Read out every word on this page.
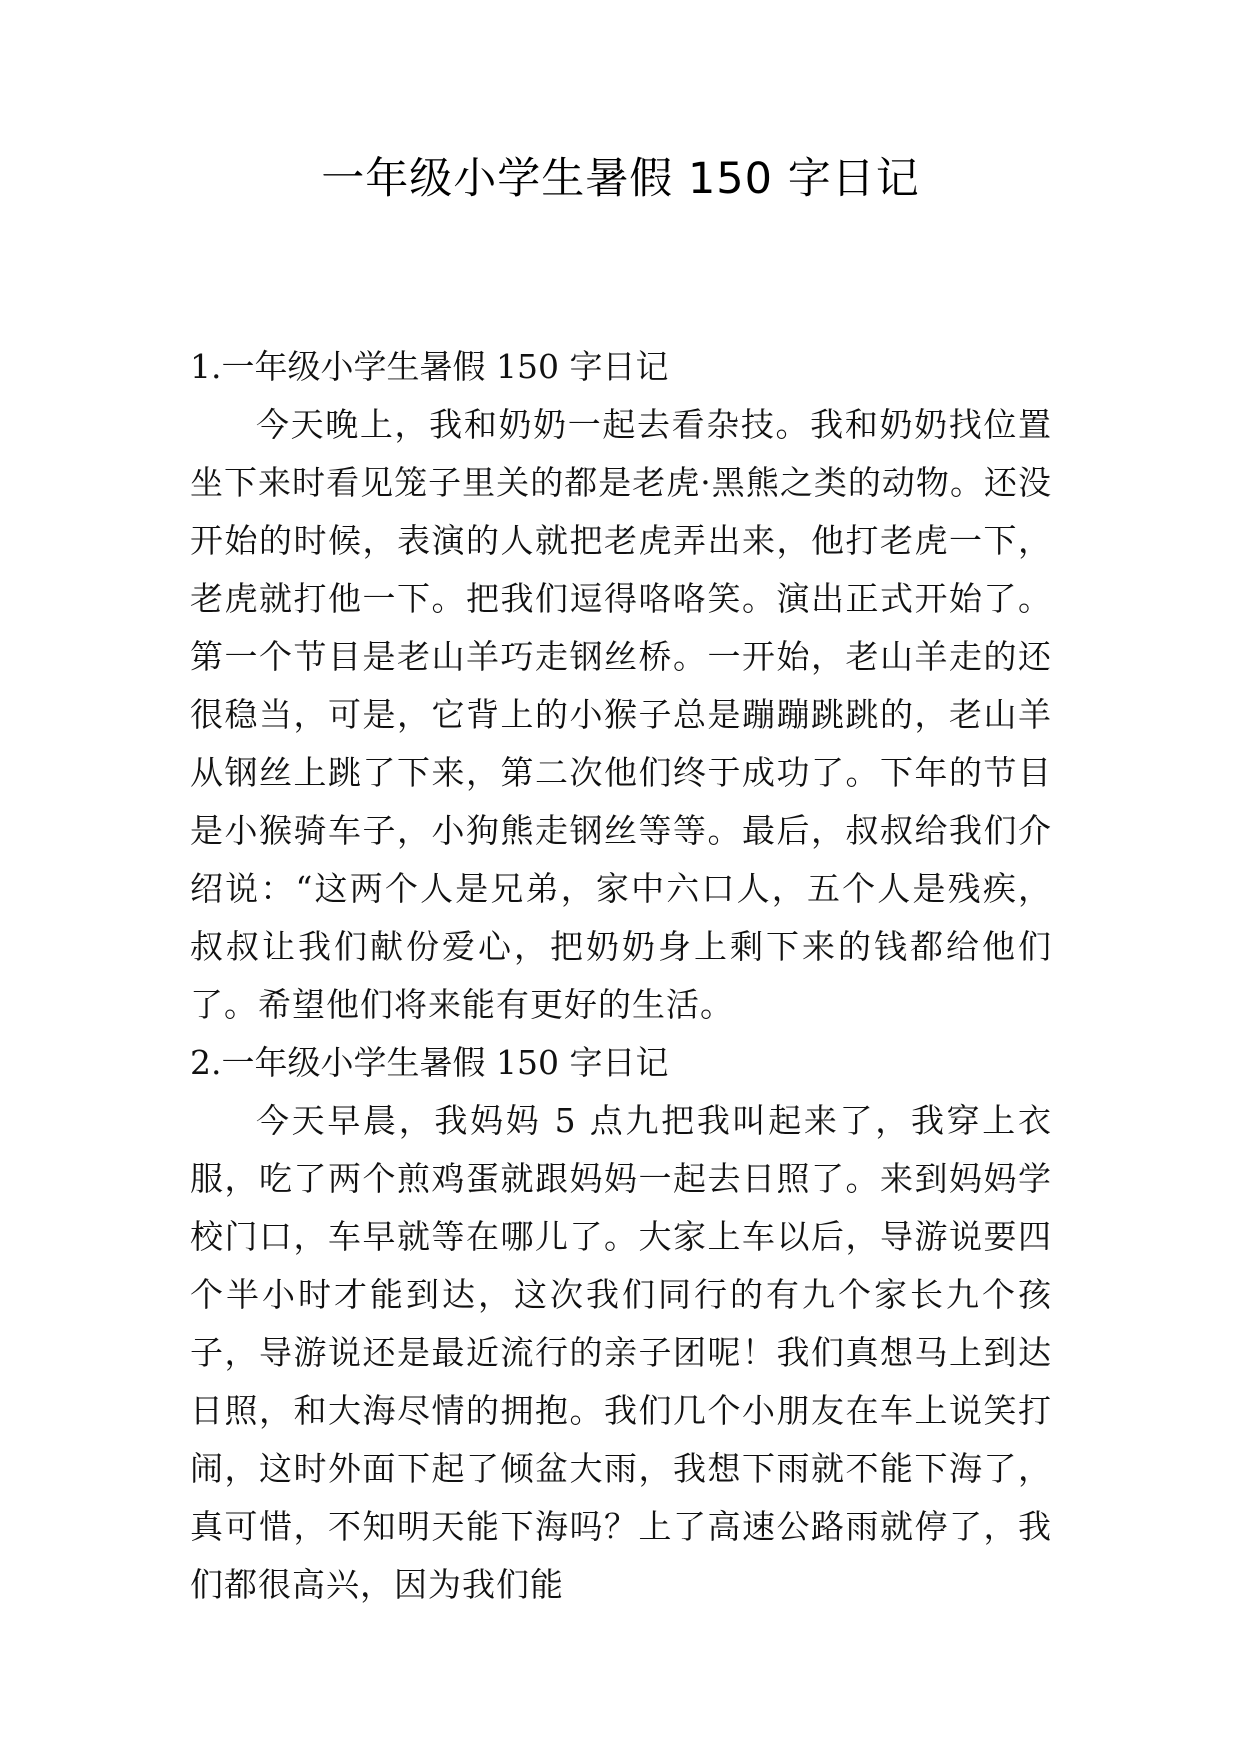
一年级小学生暑假 150 字日记

1.一年级小学生暑假 150 字日记

今天晚上，我和奶奶一起去看杂技。我和奶奶找位置坐下来时看见笼子里关的都是老虎·黑熊之类的动物。还没开始的时候，表演的人就把老虎弄出来，他打老虎一下，老虎就打他一下。把我们逗得咯咯笑。演出正式开始了。第一个节目是老山羊巧走钢丝桥。一开始，老山羊走的还很稳当，可是，它背上的小猴子总是蹦蹦跳跳的，老山羊从钢丝上跳了下来，第二次他们终于成功了。下年的节目是小猴骑车子，小狗熊走钢丝等等。最后，叔叔给我们介绍说：“这两个人是兄弟，家中六口人，五个人是残疾，叔叔让我们献份爱心，把奶奶身上剩下来的钱都给他们了。希望他们将来能有更好的生活。

2.一年级小学生暑假 150 字日记

今天早晨，我妈妈 5 点九把我叫起来了，我穿上衣服，吃了两个煎鸡蛋就跟妈妈一起去日照了。来到妈妈学校门口，车早就等在哪儿了。大家上车以后，导游说要四个半小时才能到达，这次我们同行的有九个家长九个孩子，导游说还是最近流行的亲子团呢！我们真想马上到达日照，和大海尽情的拥抱。我们几个小朋友在车上说笑打闹，这时外面下起了倾盆大雨，我想下雨就不能下海了，真可惜，不知明天能下海吗？上了高速公路雨就停了，我们都很高兴，因为我们能
